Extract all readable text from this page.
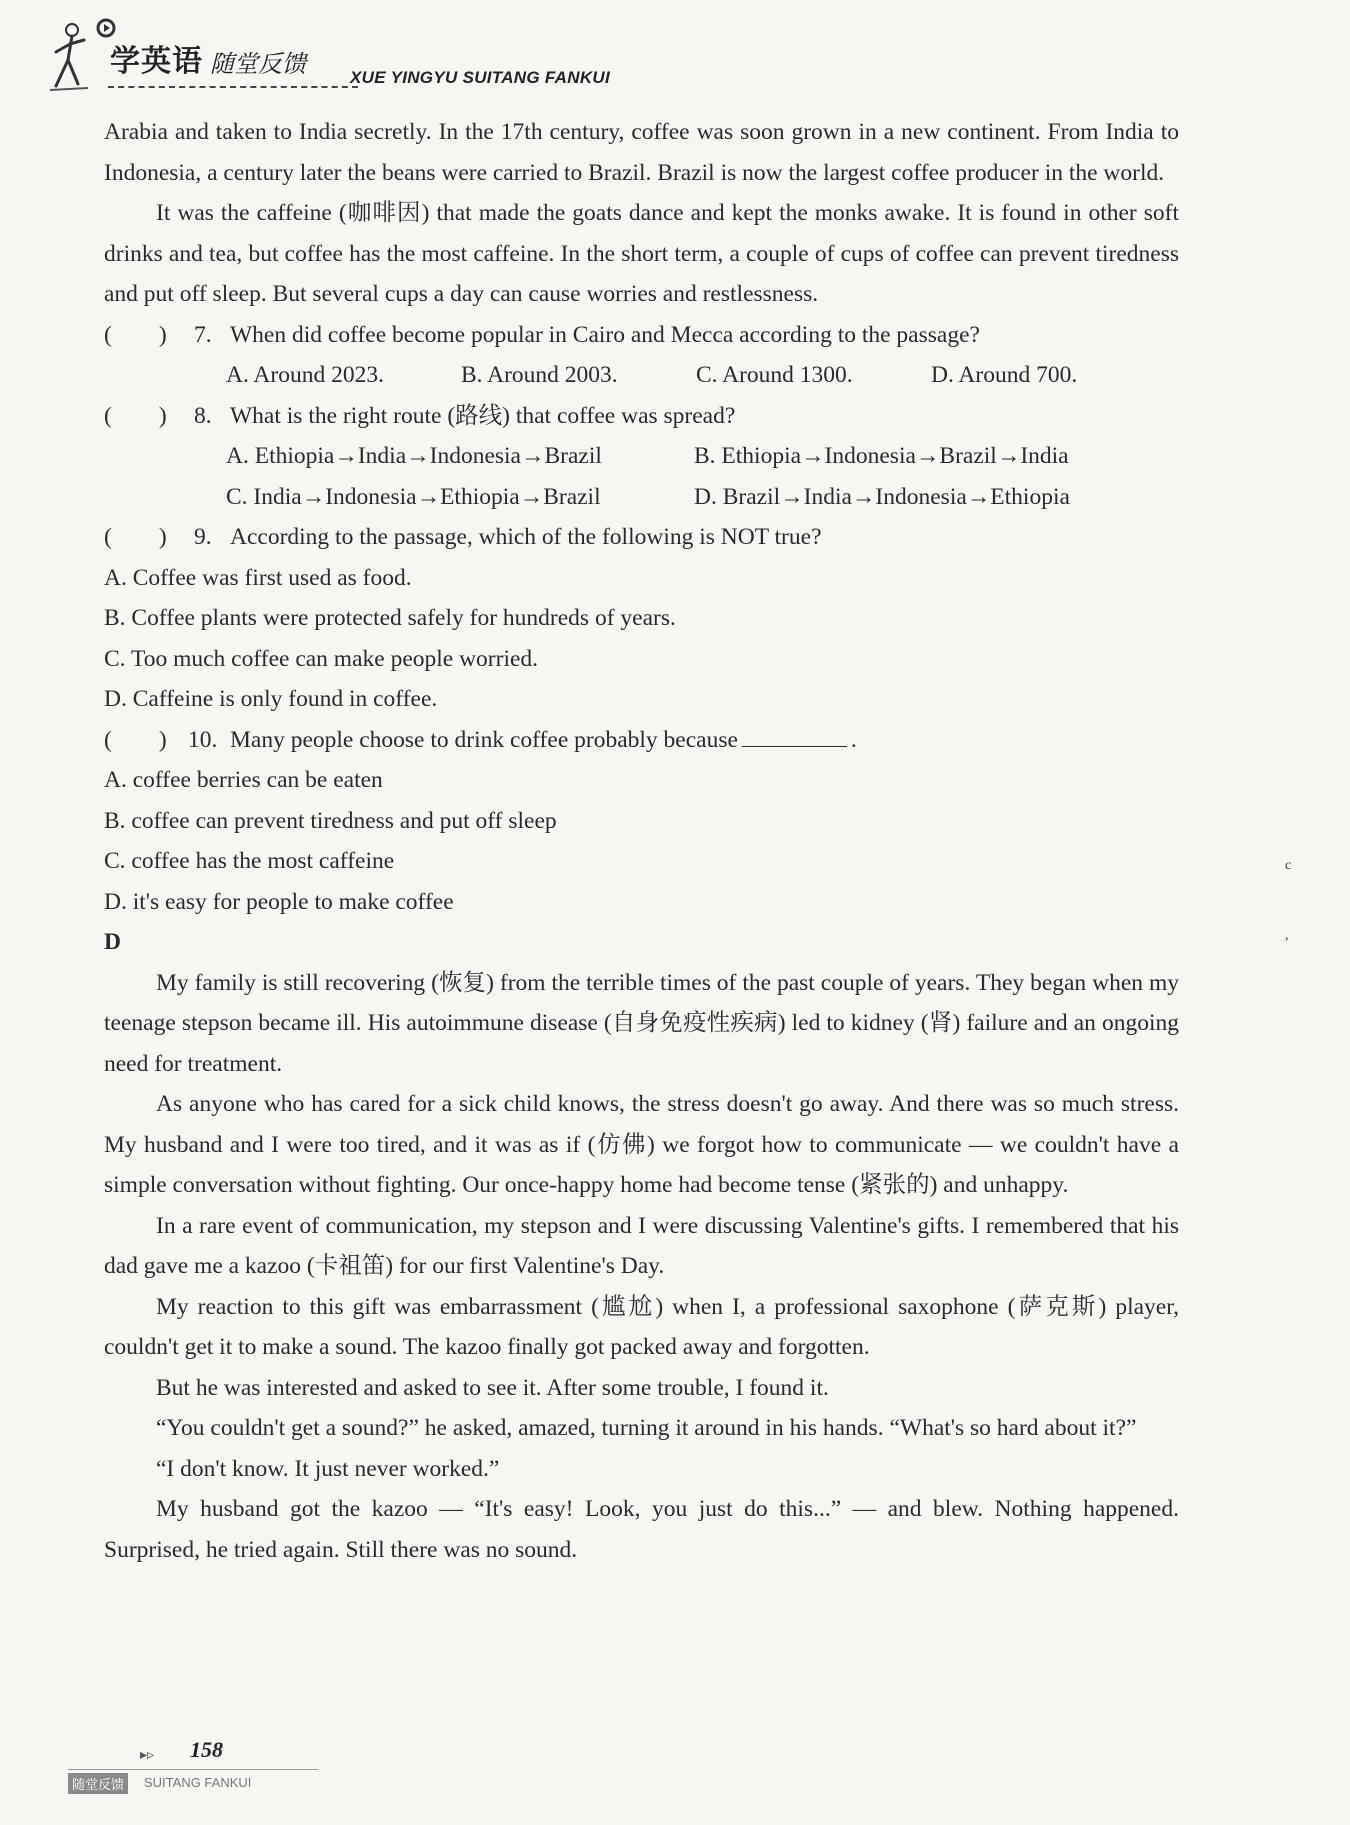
学英语 随堂反馈	XUE YINGYU SUITANG FANKUI

Arabia and taken to India secretly. In the 17th century, coffee was soon grown in a new continent. From India to Indonesia, a century later the beans were carried to Brazil. Brazil is now the largest coffee producer in the world.

It was the caffeine (咖啡因) that made the goats dance and kept the monks awake. It is found in other soft drinks and tea, but coffee has the most caffeine. In the short term, a couple of cups of coffee can prevent tiredness and put off sleep. But several cups a day can cause worries and restlessness.

(        )	7. When did coffee become popular in Cairo and Mecca according to the passage?
A. Around 2023.	B. Around 2003.	C. Around 1300.	D. Around 700.
(        )	8. What is the right route (路线) that coffee was spread?
A. Ethiopia→India→Indonesia→Brazil	B. Ethiopia→Indonesia→Brazil→India
C. India→Indonesia→Ethiopia→Brazil	D. Brazil→India→Indonesia→Ethiopia
(        )	9. According to the passage, which of the following is NOT true?

A. Coffee was first used as food.

B. Coffee plants were protected safely for hundreds of years.

C. Too much coffee can make people worried.

D. Caffeine is only found in coffee.

(        ) 10. Many people choose to drink coffee probably because	.

A. coffee berries can be eaten

B. coffee can prevent tiredness and put off sleep

C. coffee has the most caffeine

D. it's easy for people to make coffee

D

My family is still recovering (恢复) from the terrible times of the past couple of years. They began when my teenage stepson became ill. His autoimmune disease (自身免疫性疾病) led to kidney (肾) failure and an ongoing need for treatment.

As anyone who has cared for a sick child knows, the stress doesn't go away. And there was so much stress. My husband and I were too tired, and it was as if (仿佛) we forgot how to communicate — we couldn't have a simple conversation without fighting. Our once-happy home had become tense (紧张的) and unhappy.

In a rare event of communication, my stepson and I were discussing Valentine's gifts. I remembered that his dad gave me a kazoo (卡祖笛) for our first Valentine's Day.

My reaction to this gift was embarrassment (尴尬) when I, a professional saxophone (萨克斯) player, couldn't get it to make a sound. The kazoo finally got packed away and forgotten.

But he was interested and asked to see it. After some trouble, I found it.

“You couldn't get a sound?” he asked, amazed, turning it around in his hands. “What's so hard about it?”

“I don't know. It just never worked.”

My husband got the kazoo — “It's easy! Look, you just do this...” — and blew. Nothing happened. Surprised, he tried again. Still there was no sound.

c
,
▸▹ 158
随堂反馈	SUITANG FANKUI
